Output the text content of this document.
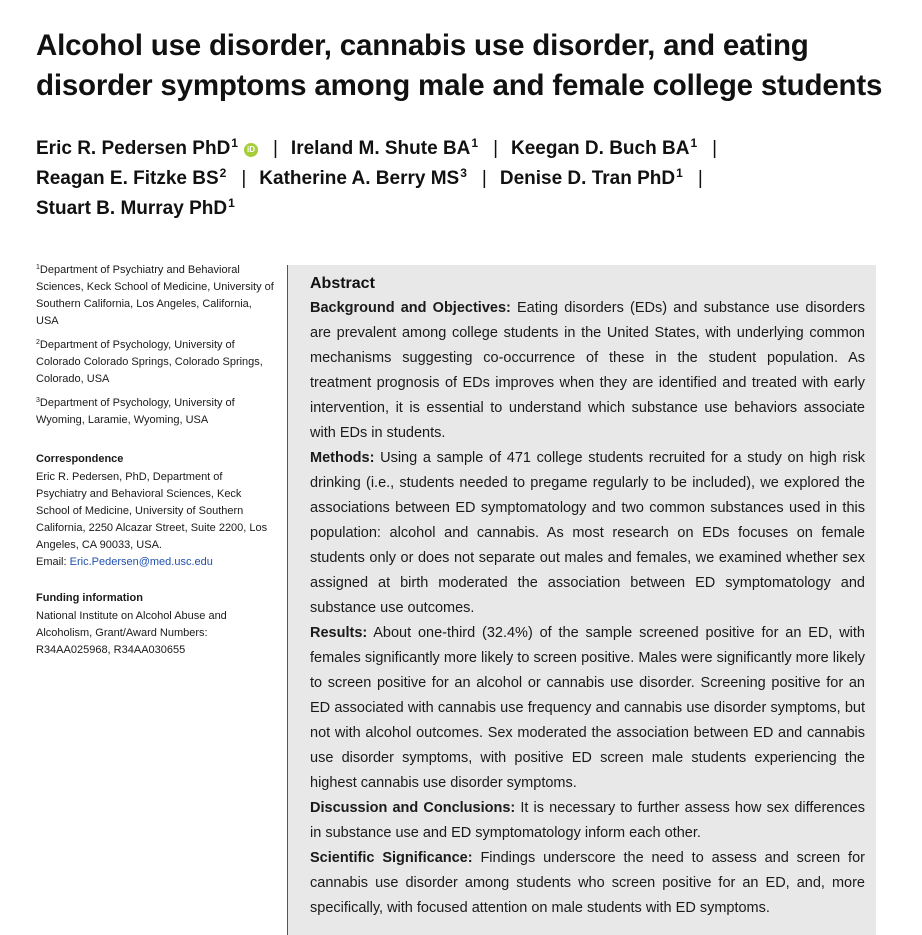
Alcohol use disorder, cannabis use disorder, and eating disorder symptoms among male and female college students
Eric R. Pedersen PhD$^1$ iD | Ireland M. Shute $BA^1$ | Keegan D. Buch $BA^1$ |
Reagan E. Fitzke $BS^2$ | Katherine A. Berry $MS^3$ | Denise D. Tran PhD$^1$ |
Stuart B. Murray PhD$^1$

$^1$Department of Psychiatry and Behavioral Sciences, Keck School of Medicine, University of Southern California, Los Angeles, California, USA

$^2$Department of Psychology, University of Colorado Colorado Springs, Colorado Springs, Colorado, USA

$^3$Department of Psychology, University of Wyoming, Laramie, Wyoming, USA

Correspondence

Eric R. Pedersen, PhD, Department of Psychiatry and Behavioral Sciences, Keck School of Medicine, University of Southern California, 2250 Alcazar Street, Suite 2200, Los Angeles, CA 90033, USA.

Email: Eric.Pedersen@med.usc.edu

Funding information

National Institute on Alcohol Abuse and Alcoholism, Grant/Award Numbers: R34AA025968, R34AA030655

Abstract

Background and Objectives: Eating disorders (EDs) and substance use disorders are prevalent among college students in the United States, with underlying common mechanisms suggesting co-occurrence of these in the student population. As treatment prognosis of EDs improves when they are identified and treated with early intervention, it is essential to understand which substance use behaviors associate with EDs in students.

Methods: Using a sample of 471 college students recruited for a study on high risk drinking (i.e., students needed to pregame regularly to be included), we explored the associations between ED symptomatology and two common substances used in this population: alcohol and cannabis. As most research on EDs focuses on female students only or does not separate out males and females, we examined whether sex assigned at birth moderated the association between ED symptomatology and substance use outcomes.

Results: About one-third (32.4%) of the sample screened positive for an ED, with females significantly more likely to screen positive. Males were significantly more likely to screen positive for an alcohol or cannabis use disorder. Screening positive for an ED associated with cannabis use frequency and cannabis use disorder symptoms, but not with alcohol outcomes. Sex moderated the association between ED and cannabis use disorder symptoms, with positive ED screen male students experiencing the highest cannabis use disorder symptoms.

Discussion and Conclusions: It is necessary to further assess how sex differences in substance use and ED symptomatology inform each other.

Scientific Significance: Findings underscore the need to assess and screen for cannabis use disorder among students who screen positive for an ED, and, more specifically, with focused attention on male students with ED symptoms.
